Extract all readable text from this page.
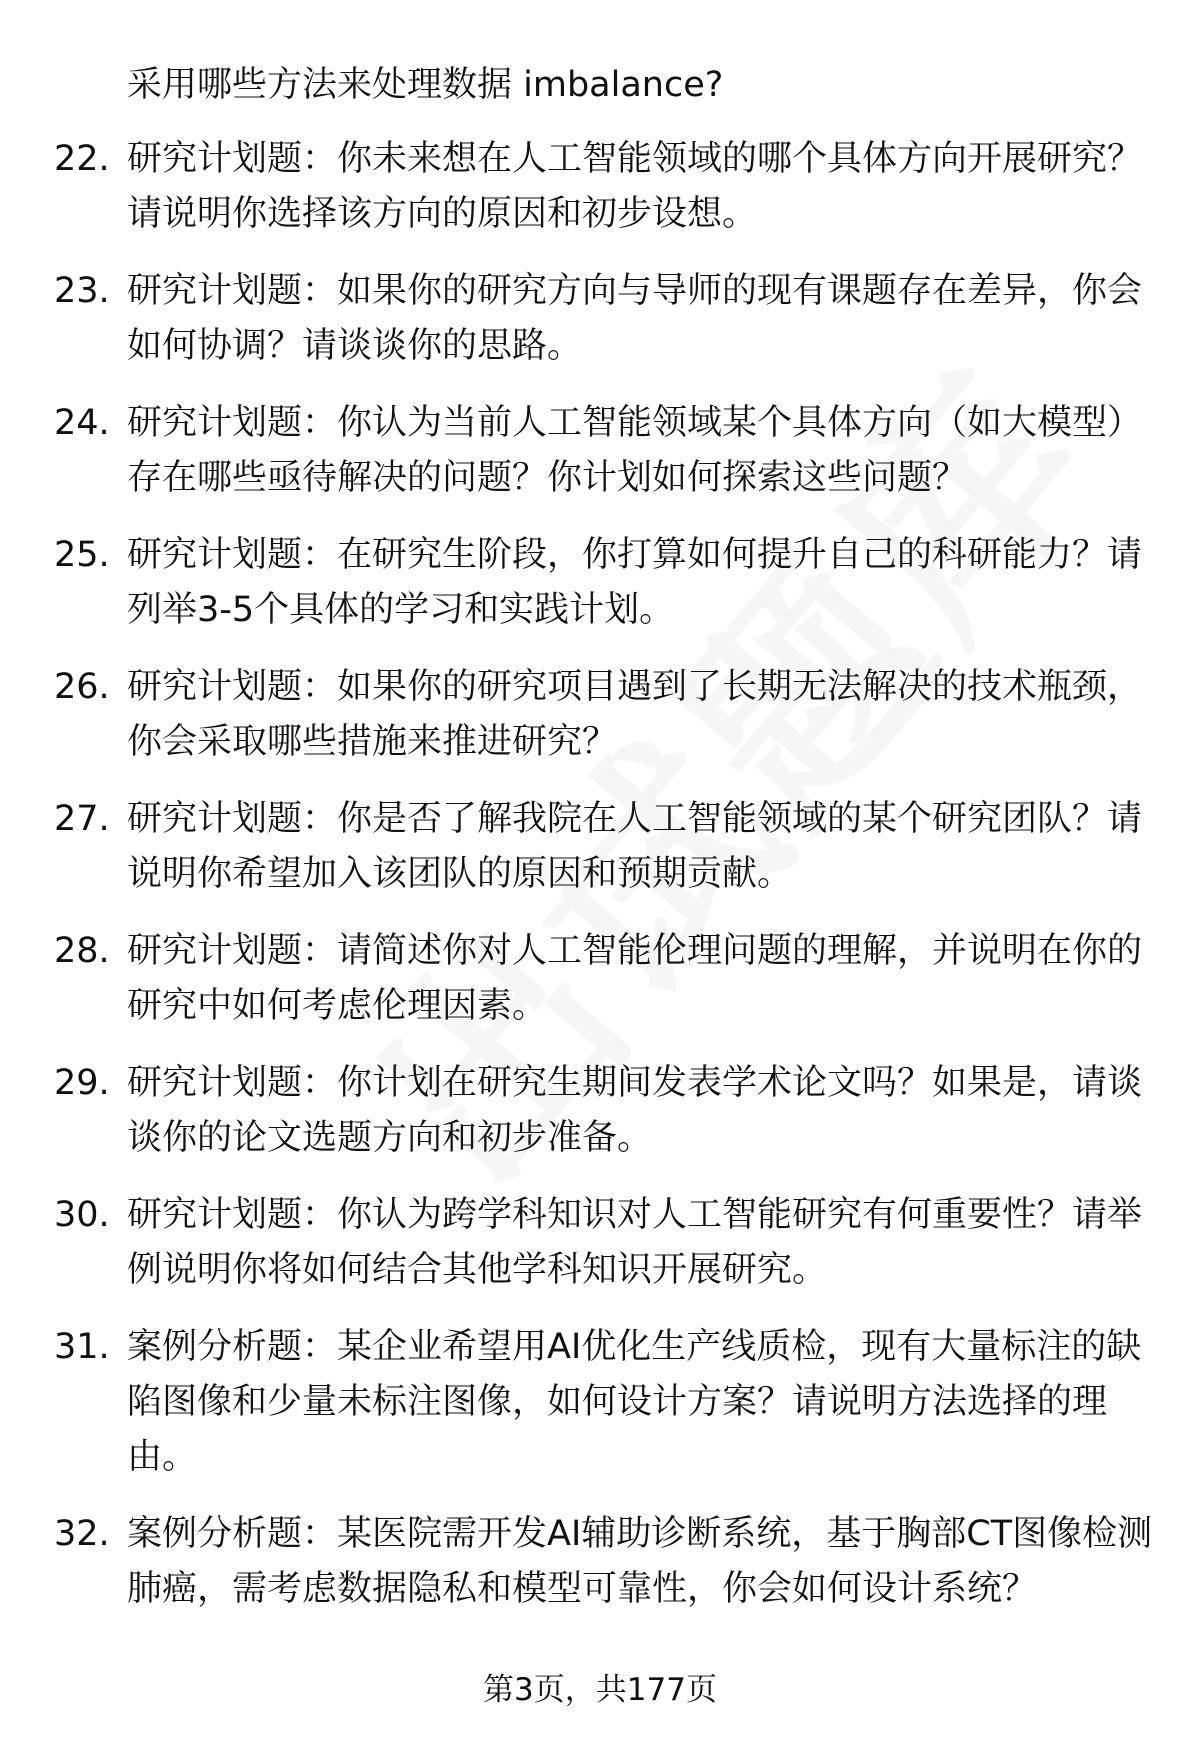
采用哪些方法来处理数据 imbalance?
22. 研究计划题：你未来想在人工智能领域的哪个具体方向开展研究？请说明你选择该方向的原因和初步设想。
23. 研究计划题：如果你的研究方向与导师的现有课题存在差异，你会如何协调？请谈谈你的思路。
24. 研究计划题：你认为当前人工智能领域某个具体方向（如大模型）存在哪些亟待解决的问题？你计划如何探索这些问题？
25. 研究计划题：在研究生阶段，你打算如何提升自己的科研能力？请列举3-5个具体的学习和实践计划。
26. 研究计划题：如果你的研究项目遇到了长期无法解决的技术瓶颈，你会采取哪些措施来推进研究？
27. 研究计划题：你是否了解我院在人工智能领域的某个研究团队？请说明你希望加入该团队的原因和预期贡献。
28. 研究计划题：请简述你对人工智能伦理问题的理解，并说明在你的研究中如何考虑伦理因素。
29. 研究计划题：你计划在研究生期间发表学术论文吗？如果是，请谈谈你的论文选题方向和初步准备。
30. 研究计划题：你认为跨学科知识对人工智能研究有何重要性？请举例说明你将如何结合其他学科知识开展研究。
31. 案例分析题：某企业希望用AI优化生产线质检，现有大量标注的缺陷图像和少量未标注图像，如何设计方案？请说明方法选择的理由。
32. 案例分析题：某医院需开发AI辅助诊断系统，基于胸部CT图像检测肺癌，需考虑数据隐私和模型可靠性，你会如何设计系统？
第3页，共177页
